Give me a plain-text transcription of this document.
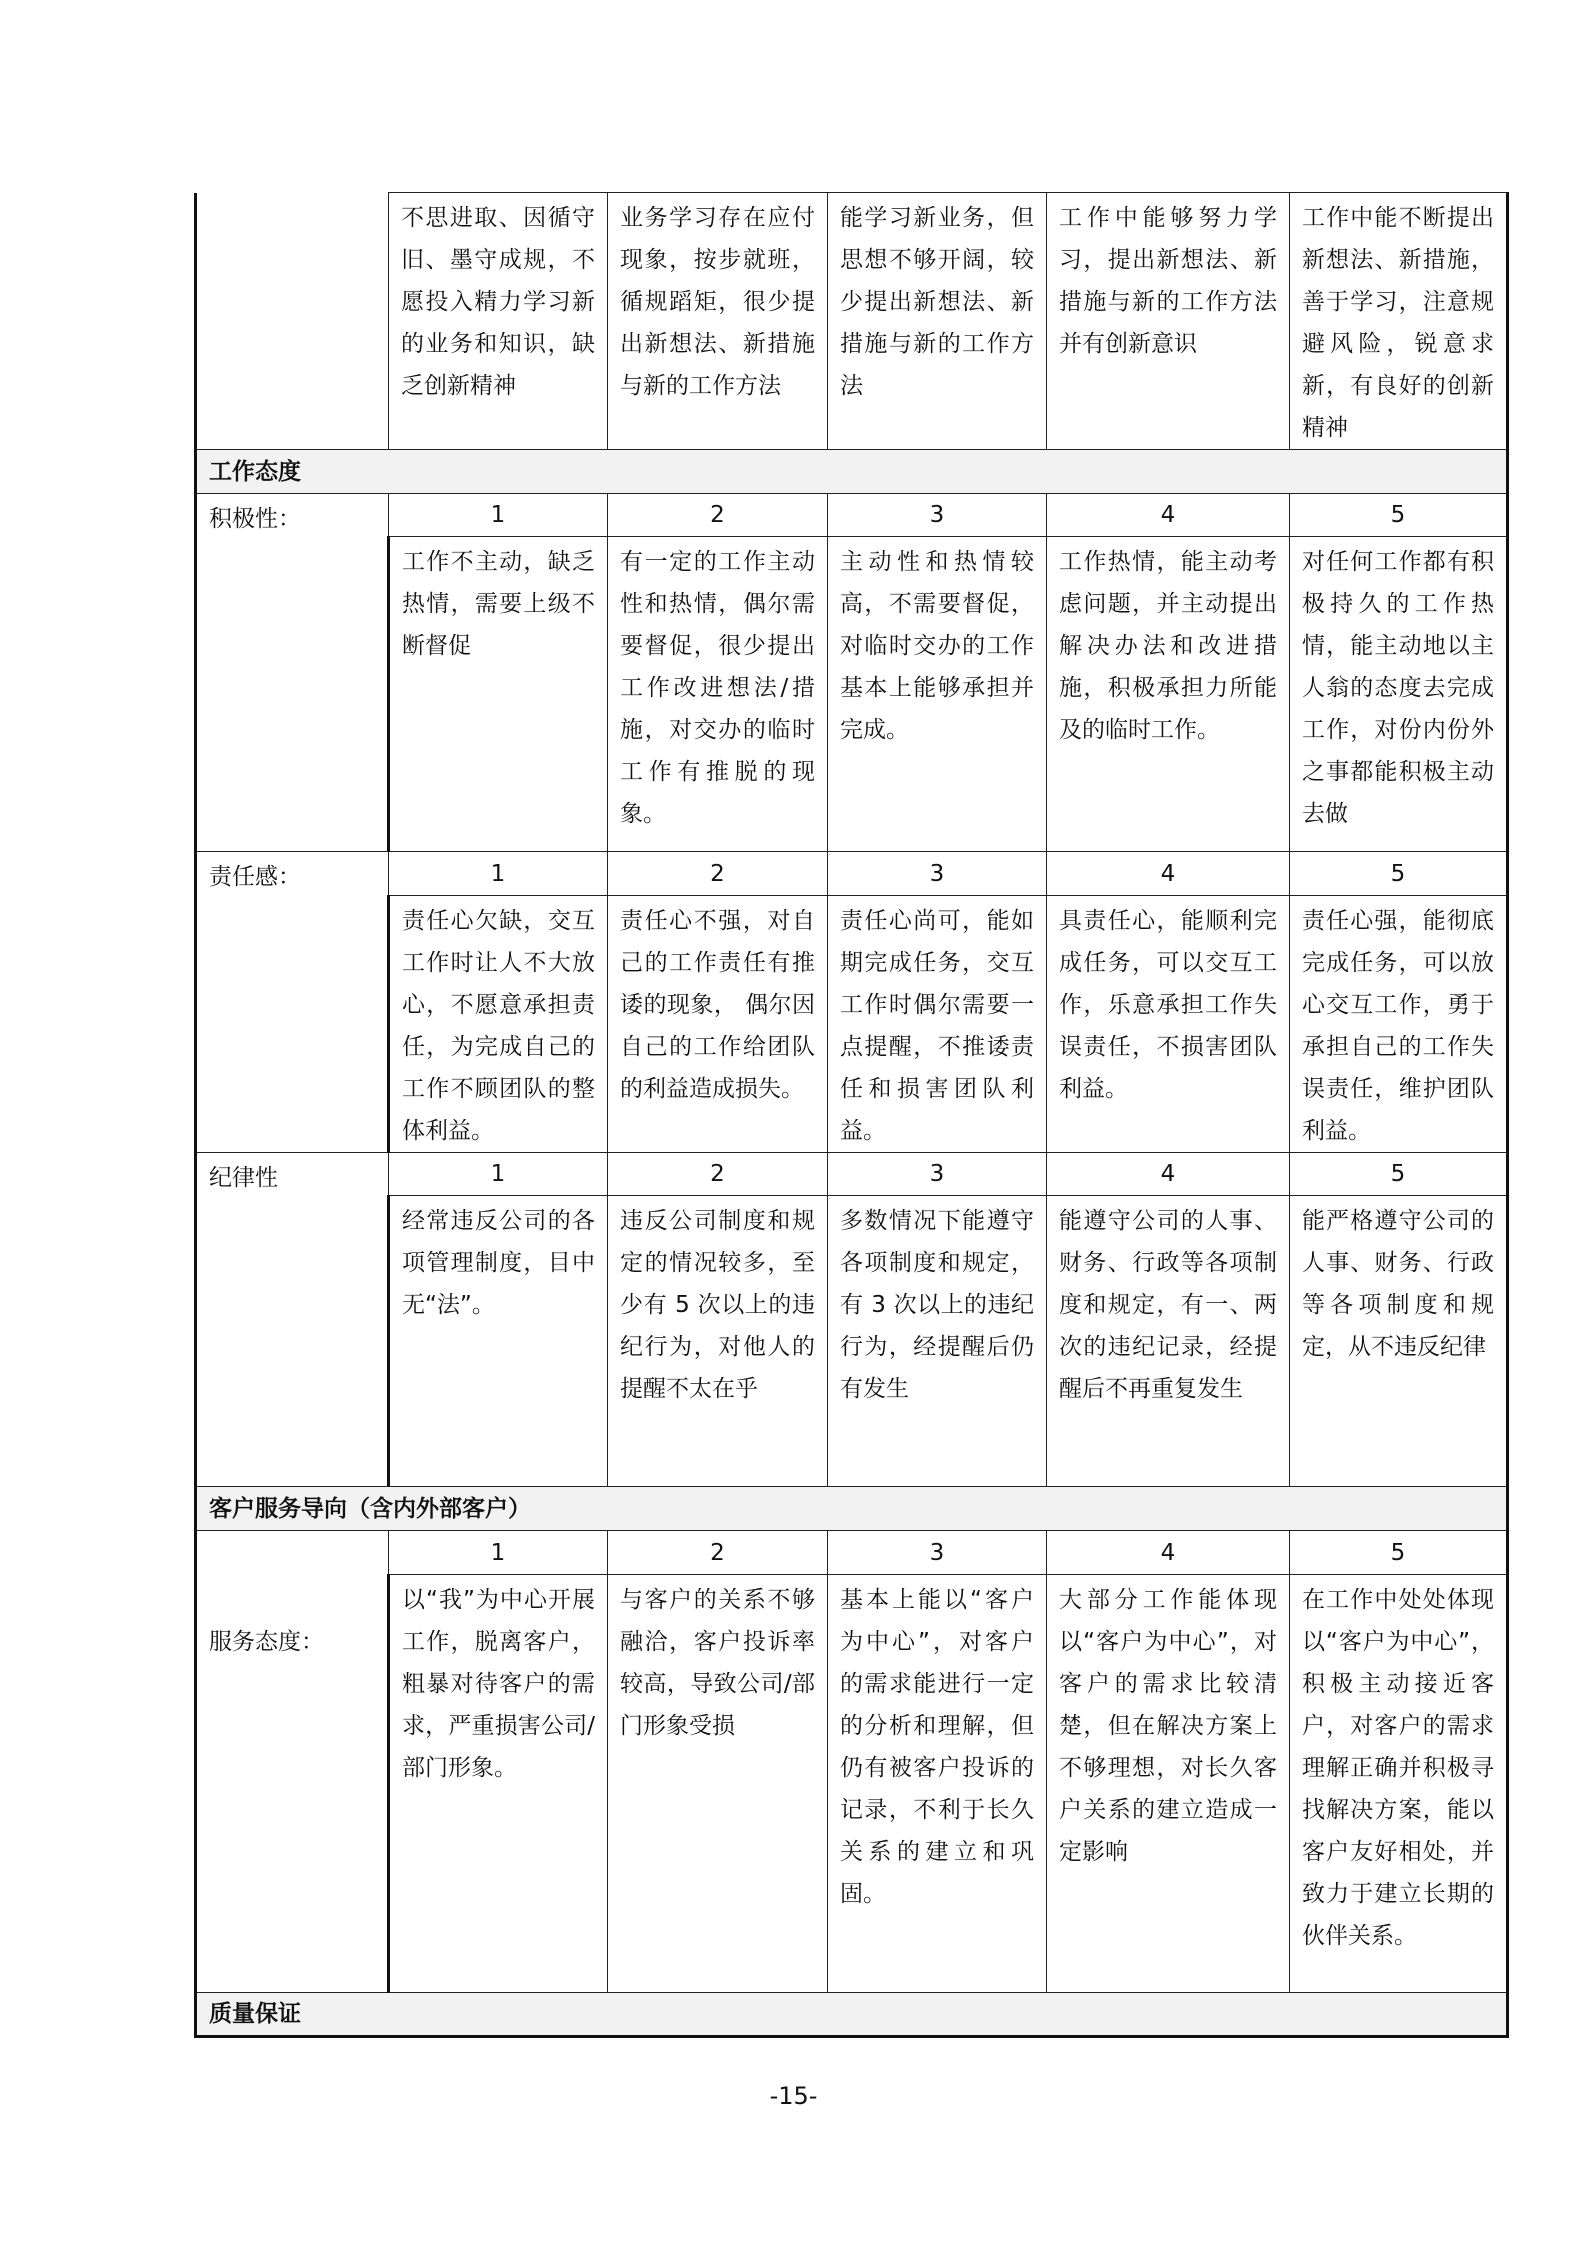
	不思进取、因循守旧、墨守成规，不愿投入精力学习新的业务和知识，缺乏创新精神	业务学习存在应付现象，按步就班，循规蹈矩，很少提出新想法、新措施与新的工作方法	能学习新业务，但思想不够开阔，较少提出新想法、新措施与新的工作方法	工作中能够努力学习，提出新想法、新措施与新的工作方法并有创新意识	工作中能不断提出新想法、新措施，善于学习，注意规避风险，锐意求新，有良好的创新精神
工作态度					
积极性：	1	2	3	4	5
	工作不主动，缺乏热情，需要上级不断督促	有一定的工作主动性和热情，偶尔需要督促，很少提出工作改进想法/措施，对交办的临时工作有推脱的现象。	主动性和热情较高，不需要督促，对临时交办的工作基本上能够承担并完成。	工作热情，能主动考虑问题，并主动提出解决办法和改进措施，积极承担力所能及的临时工作。	对任何工作都有积极持久的工作热情，能主动地以主人翁的态度去完成工作，对份内份外之事都能积极主动去做
责任感：	1	2	3	4	5
	责任心欠缺，交互工作时让人不大放心，不愿意承担责任，为完成自己的工作不顾团队的整体利益。	责任心不强，对自己的工作责任有推诿的现象， 偶尔因自己的工作给团队的利益造成损失。	责任心尚可，能如期完成任务，交互工作时偶尔需要一点提醒，不推诿责任和损害团队利益。	具责任心，能顺利完成任务，可以交互工作，乐意承担工作失误责任，不损害团队利益。	责任心强，能彻底完成任务，可以放心交互工作，勇于承担自己的工作失误责任，维护团队利益。
纪律性	1	2	3	4	5
	经常违反公司的各项管理制度，目中无“法”。	违反公司制度和规定的情况较多，至少有 5 次以上的违纪行为，对他人的提醒不太在乎	多数情况下能遵守各项制度和规定，有 3 次以上的违纪行为，经提醒后仍有发生	能遵守公司的人事、财务、行政等各项制度和规定，有一、两次的违纪记录，经提醒后不再重复发生	能严格遵守公司的人事、财务、行政等各项制度和规定，从不违反纪律
客户服务导向（含内外部客户）					
服务态度：	1	2	3	4	5
	以“我”为中心开展工作，脱离客户，粗暴对待客户的需求，严重损害公司/部门形象。	与客户的关系不够融洽，客户投诉率较高，导致公司/部门形象受损	基本上能以“客户为中心”，对客户的需求能进行一定的分析和理解，但仍有被客户投诉的记录，不利于长久关系的建立和巩固。	大部分工作能体现以“客户为中心”，对客户的需求比较清楚，但在解决方案上不够理想，对长久客户关系的建立造成一定影响	在工作中处处体现以“客户为中心”，积极主动接近客户，对客户的需求理解正确并积极寻找解决方案，能以客户友好相处，并致力于建立长期的伙伴关系。
质量保证					
-15-
